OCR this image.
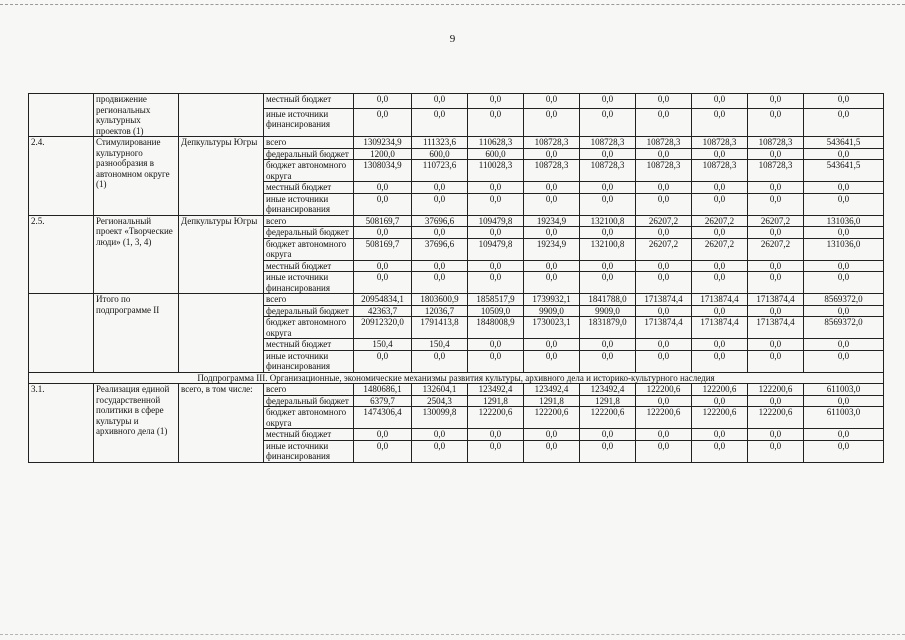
9
	продвижение региональных культурных проектов (1)		местный бюджет	0,0	0,0	0,0	0,0	0,0	0,0	0,0	0,0	0,0
			иные источники финансирования	0,0	0,0	0,0	0,0	0,0	0,0	0,0	0,0	0,0
2.4.	Стимулирование культурного разнообразия в автономном округе (1)	Депкультуры Югры	всего	1309234,9	111323,6	110628,3	108728,3	108728,3	108728,3	108728,3	108728,3	543641,5
			федеральный бюджет	1200,0	600,0	600,0	0,0	0,0	0,0	0,0	0,0	0,0
			бюджет автономного округа	1308034,9	110723,6	110028,3	108728,3	108728,3	108728,3	108728,3	108728,3	543641,5
			местный бюджет	0,0	0,0	0,0	0,0	0,0	0,0	0,0	0,0	0,0
			иные источники финансирования	0,0	0,0	0,0	0,0	0,0	0,0	0,0	0,0	0,0
2.5.	Региональный проект «Творческие люди» (1, 3, 4)	Депкультуры Югры	всего	508169,7	37696,6	109479,8	19234,9	132100,8	26207,2	26207,2	26207,2	131036,0
			федеральный бюджет	0,0	0,0	0,0	0,0	0,0	0,0	0,0	0,0	0,0
			бюджет автономного округа	508169,7	37696,6	109479,8	19234,9	132100,8	26207,2	26207,2	26207,2	131036,0
			местный бюджет	0,0	0,0	0,0	0,0	0,0	0,0	0,0	0,0	0,0
			иные источники финансирования	0,0	0,0	0,0	0,0	0,0	0,0	0,0	0,0	0,0
	Итого по подпрограмме II		всего	20954834,1	1803600,9	1858517,9	1739932,1	1841788,0	1713874,4	1713874,4	1713874,4	8569372,0
			федеральный бюджет	42363,7	12036,7	10509,0	9909,0	9909,0	0,0	0,0	0,0	0,0
			бюджет автономного округа	20912320,0	1791413,8	1848008,9	1730023,1	1831879,0	1713874,4	1713874,4	1713874,4	8569372,0
			местный бюджет	150,4	150,4	0,0	0,0	0,0	0,0	0,0	0,0	0,0
			иные источники финансирования	0,0	0,0	0,0	0,0	0,0	0,0	0,0	0,0	0,0
Подпрограмма III. Организационные, экономические механизмы развития культуры, архивного дела и историко-культурного наследия												
3.1.	Реализация единой государственной политики в сфере культуры и архивного дела (1)	всего, в том числе:	всего	1480686,1	132604,1	123492,4	123492,4	123492,4	122200,6	122200,6	122200,6	611003,0
			федеральный бюджет	6379,7	2504,3	1291,8	1291,8	1291,8	0,0	0,0	0,0	0,0
			бюджет автономного округа	1474306,4	130099,8	122200,6	122200,6	122200,6	122200,6	122200,6	122200,6	611003,0
			местный бюджет	0,0	0,0	0,0	0,0	0,0	0,0	0,0	0,0	0,0
			иные источники финансирования	0,0	0,0	0,0	0,0	0,0	0,0	0,0	0,0	0,0
